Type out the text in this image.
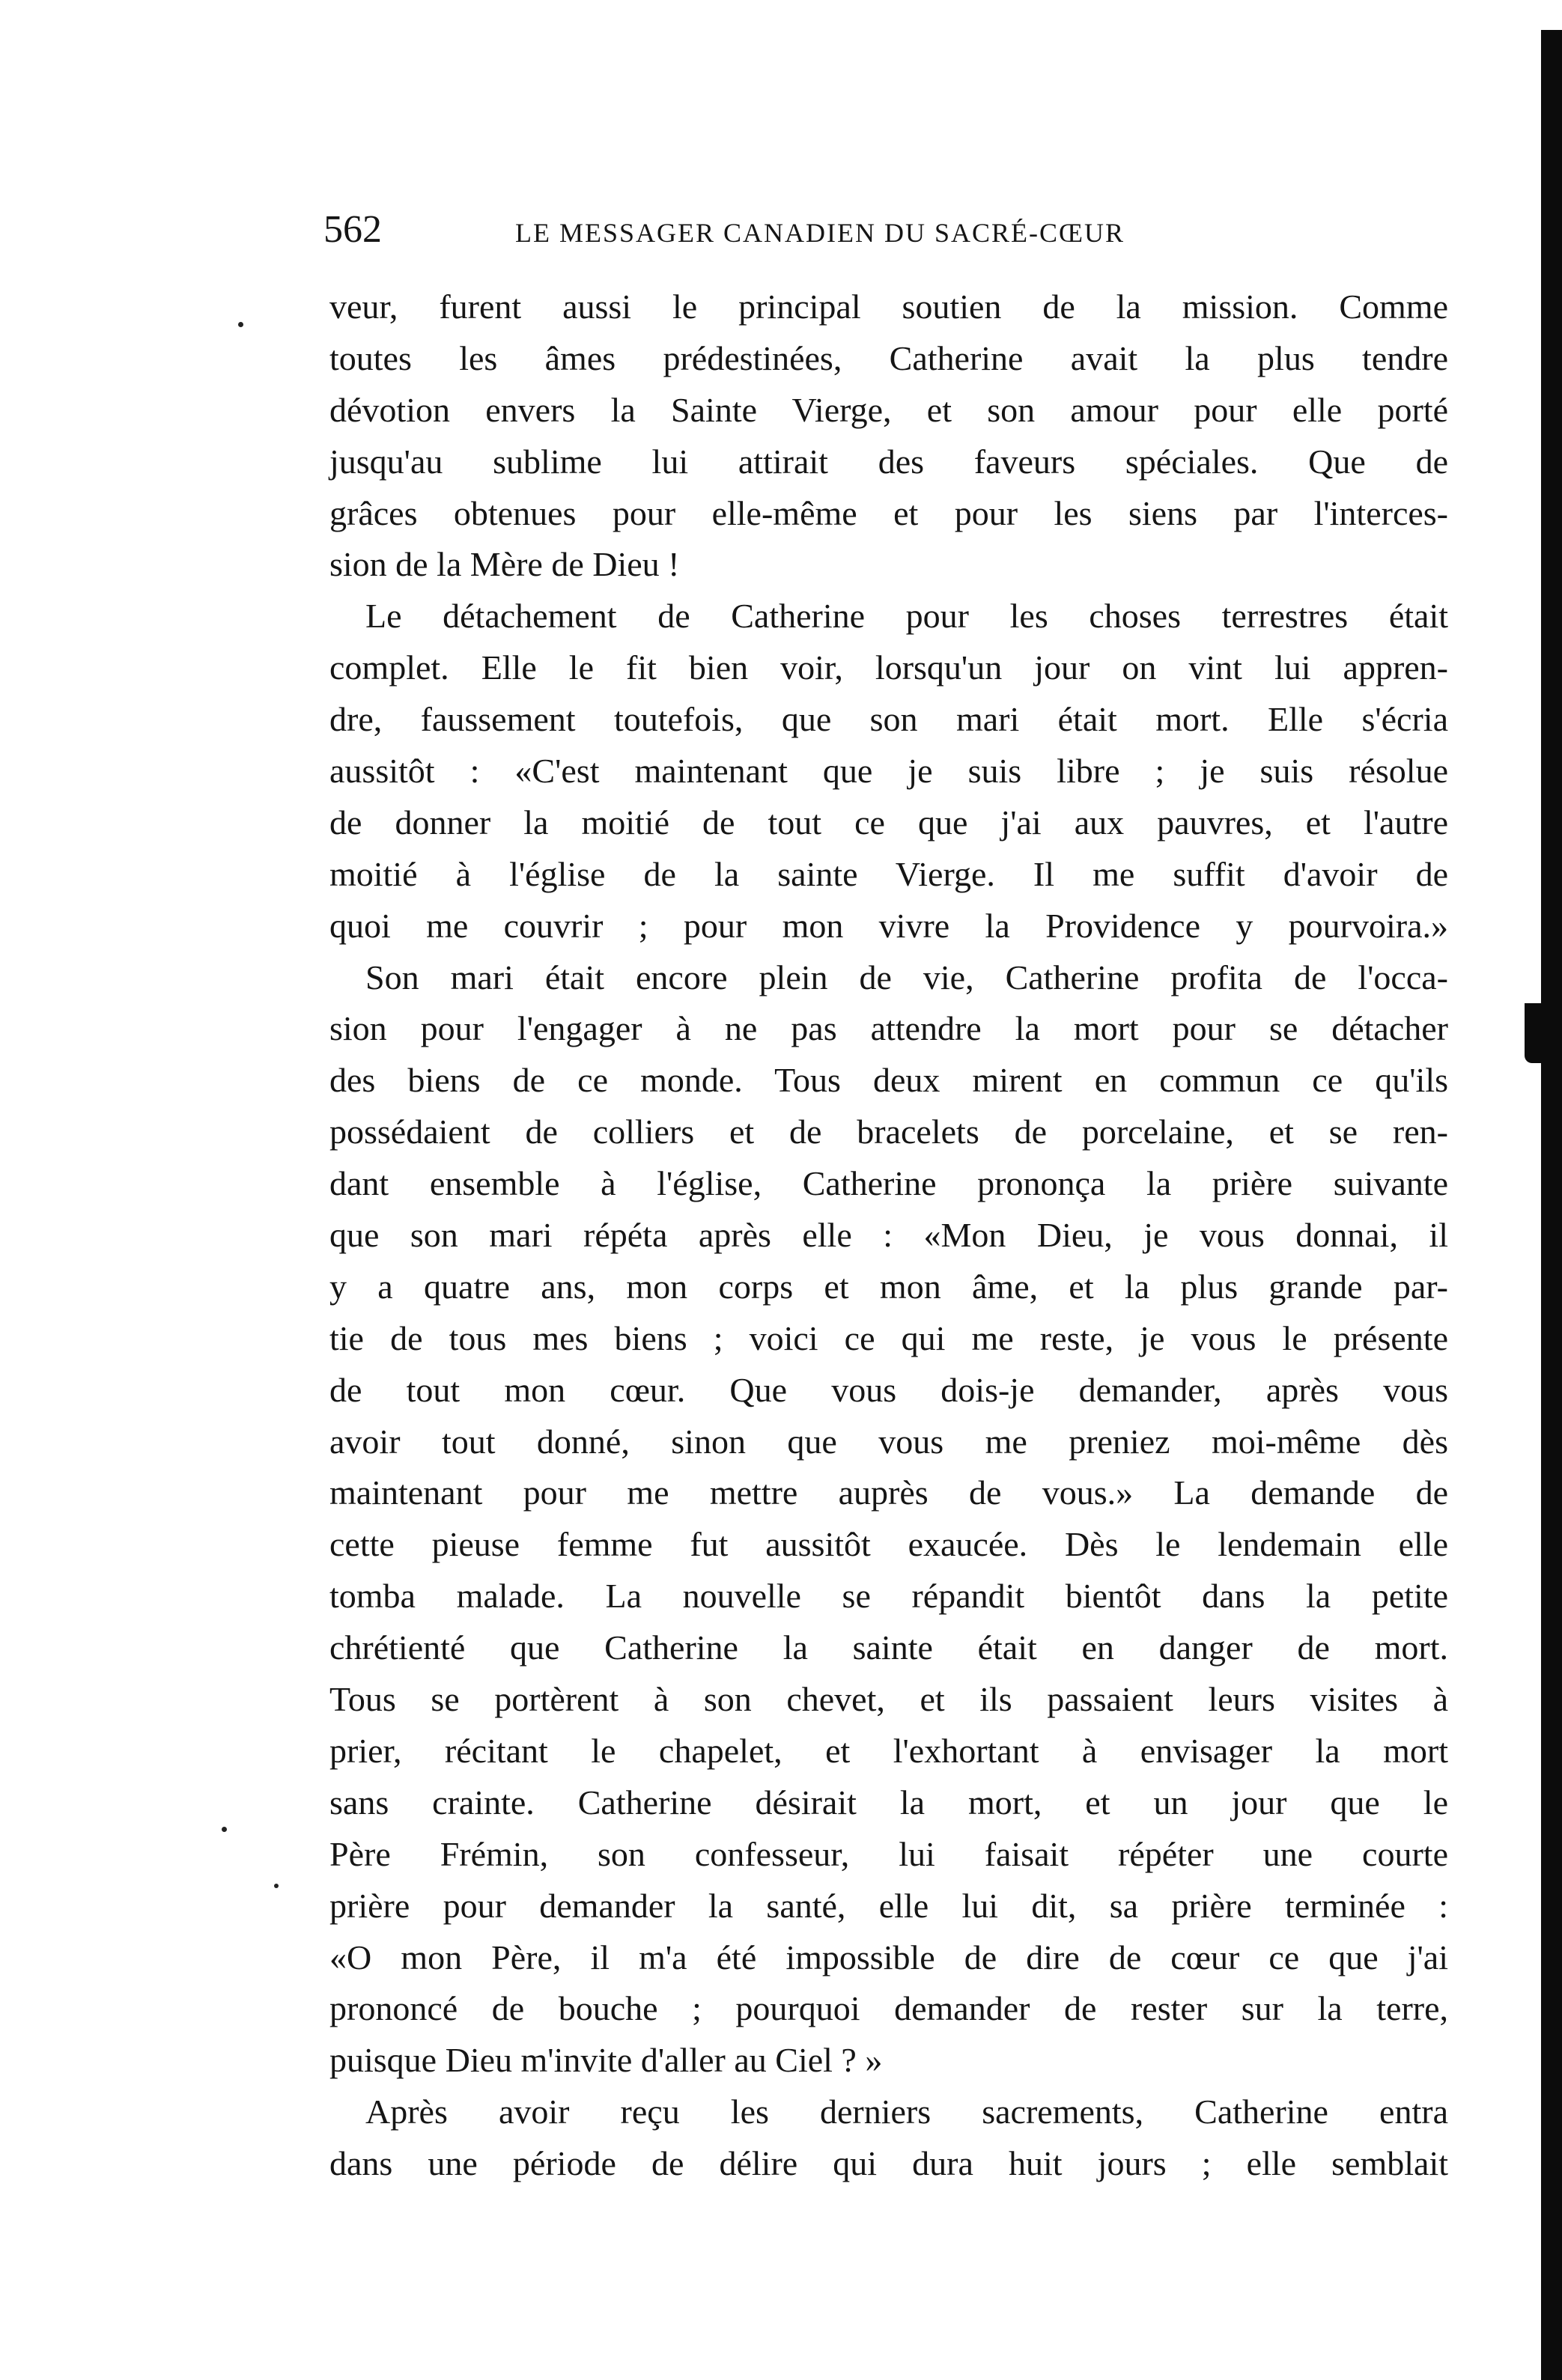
562	LE MESSAGER CANADIEN DU SACRÉ-CŒUR
veur, furent aussi le principal soutien de la mission. Comme
toutes les âmes prédestinées, Catherine avait la plus tendre
dévotion envers la Sainte Vierge, et son amour pour elle porté
jusqu'au sublime lui attirait des faveurs spéciales. Que de
grâces obtenues pour elle-même et pour les siens par l'interces-
sion de la Mère de Dieu !
Le détachement de Catherine pour les choses terrestres était
complet. Elle le fit bien voir, lorsqu'un jour on vint lui appren-
dre, faussement toutefois, que son mari était mort. Elle s'écria
aussitôt : «C'est maintenant que je suis libre ; je suis résolue
de donner la moitié de tout ce que j'ai aux pauvres, et l'autre
moitié à l'église de la sainte Vierge. Il me suffit d'avoir de
quoi me couvrir ; pour mon vivre la Providence y pourvoira.»
Son mari était encore plein de vie, Catherine profita de l'occa-
sion pour l'engager à ne pas attendre la mort pour se détacher
des biens de ce monde. Tous deux mirent en commun ce qu'ils
possédaient de colliers et de bracelets de porcelaine, et se ren-
dant ensemble à l'église, Catherine prononça la prière suivante
que son mari répéta après elle : «Mon Dieu, je vous donnai, il
y a quatre ans, mon corps et mon âme, et la plus grande par-
tie de tous mes biens ; voici ce qui me reste, je vous le présente
de tout mon cœur. Que vous dois-je demander, après vous
avoir tout donné, sinon que vous me preniez moi-même dès
maintenant pour me mettre auprès de vous.» La demande de
cette pieuse femme fut aussitôt exaucée. Dès le lendemain elle
tomba malade. La nouvelle se répandit bientôt dans la petite
chrétienté que Catherine la sainte était en danger de mort.
Tous se portèrent à son chevet, et ils passaient leurs visites à
prier, récitant le chapelet, et l'exhortant à envisager la mort
sans crainte. Catherine désirait la mort, et un jour que le
Père Frémin, son confesseur, lui faisait répéter une courte
prière pour demander la santé, elle lui dit, sa prière terminée :
«O mon Père, il m'a été impossible de dire de cœur ce que j'ai
prononcé de bouche ; pourquoi demander de rester sur la terre,
puisque Dieu m'invite d'aller au Ciel ? »
Après avoir reçu les derniers sacrements, Catherine entra
dans une période de délire qui dura huit jours ; elle semblait
